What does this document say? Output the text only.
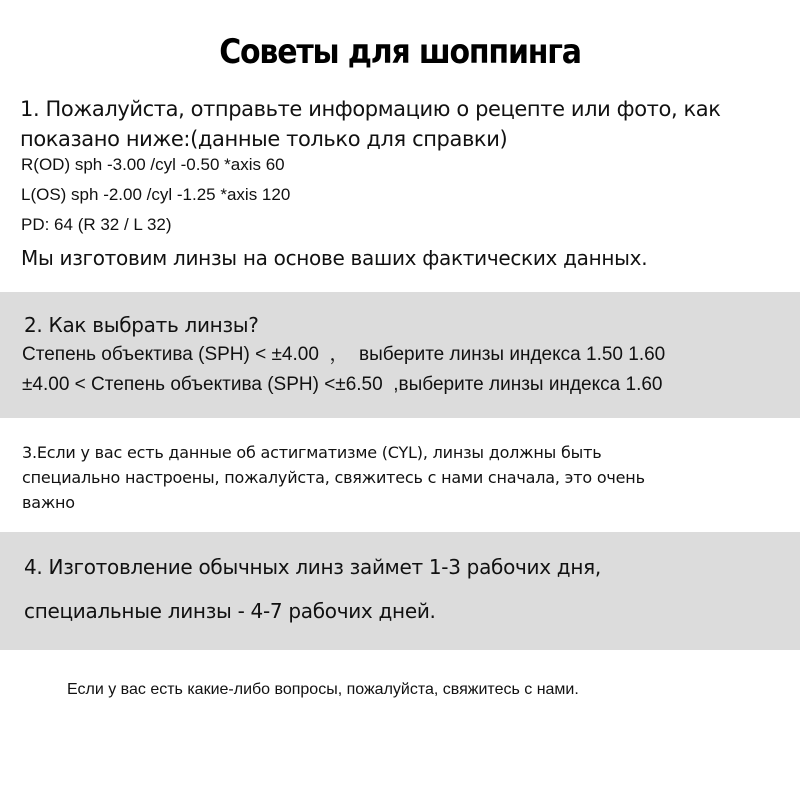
Советы для шоппинга
1. Пожалуйста, отправьте информацию о рецепте или фото, как
показано ниже:(данные только для справки)
R(OD) sph -3.00 /cyl -0.50 *axis 60
L(OS) sph -2.00 /cyl -1.25 *axis 120
PD: 64 (R 32 / L 32)
Мы изготовим линзы на основе ваших фактических данных.
2. Как выбрать линзы?
Степень объектива (SPH) < ±4.00  ，  выберите линзы индекса 1.50 1.60
±4.00 < Степень объектива (SPH) <±6.50  ,выберите линзы индекса 1.60
3.Если у вас есть данные об астигматизме (CYL), линзы должны быть
специально настроены, пожалуйста, свяжитесь с нами сначала, это очень
важно
4. Изготовление обычных линз займет 1-3 рабочих дня,
специальные линзы - 4-7 рабочих дней.
Если у вас есть какие-либо вопросы, пожалуйста, свяжитесь с нами.
